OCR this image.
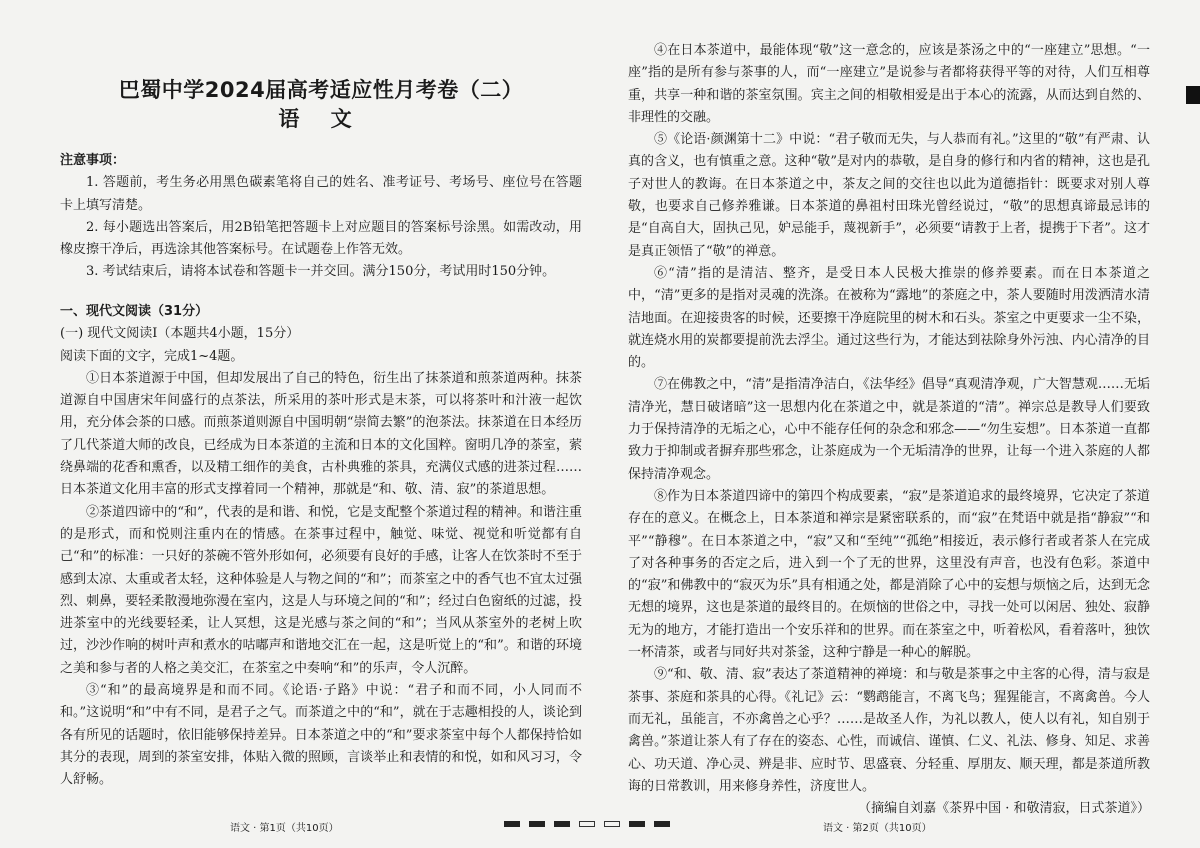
巴蜀中学2024届高考适应性月考卷（二）
语 文

注意事项：

1. 答题前，考生务必用黑色碳素笔将自己的姓名、准考证号、考场号、座位号在答题卡上填写清楚。

2. 每小题选出答案后，用2B铅笔把答题卡上对应题目的答案标号涂黑。如需改动，用橡皮擦干净后，再选涂其他答案标号。在试题卷上作答无效。

3. 考试结束后，请将本试卷和答题卡一并交回。满分150分，考试用时150分钟。

一、现代文阅读（31分）

(一) 现代文阅读Ⅰ（本题共4小题，15分）

阅读下面的文字，完成1~4题。

①日本茶道源于中国，但却发展出了自己的特色，衍生出了抹茶道和煎茶道两种。抹茶道源自中国唐宋年间盛行的点茶法，所采用的茶叶形式是末茶，可以将茶叶和汁液一起饮用，充分体会茶的口感。而煎茶道则源自中国明朝“崇简去繁”的泡茶法。抹茶道在日本经历了几代茶道大师的改良，已经成为日本茶道的主流和日本的文化国粹。窗明几净的茶室，萦绕鼻端的花香和熏香，以及精工细作的美食，古朴典雅的茶具，充满仪式感的进茶过程……日本茶道文化用丰富的形式支撑着同一个精神，那就是“和、敬、清、寂”的茶道思想。

②茶道四谛中的“和”，代表的是和谐、和悦，它是支配整个茶道过程的精神。和谐注重的是形式，而和悦则注重内在的情感。在茶事过程中，触觉、味觉、视觉和听觉都有自己“和”的标准：一只好的茶碗不管外形如何，必须要有良好的手感，让客人在饮茶时不至于感到太凉、太重或者太轻，这种体验是人与物之间的“和”；而茶室之中的香气也不宜太过强烈、刺鼻，要轻柔散漫地弥漫在室内，这是人与环境之间的“和”；经过白色窗纸的过滤，投进茶室中的光线要轻柔，让人冥想，这是光感与茶之间的“和”；当风从茶室外的老树上吹过，沙沙作响的树叶声和煮水的咕嘟声和谐地交汇在一起，这是听觉上的“和”。和谐的环境之美和参与者的人格之美交汇，在茶室之中奏响“和”的乐声，令人沉醉。

③“和”的最高境界是和而不同。《论语·子路》中说：“君子和而不同，小人同而不和。”这说明“和”中有不同，是君子之气。而茶道之中的“和”，就在于志趣相投的人，谈论到各有所见的话题时，依旧能够保持差异。日本茶道之中的“和”要求茶室中每个人都保持恰如其分的表现，周到的茶室安排，体贴入微的照顾，言谈举止和表情的和悦，如和风习习，令人舒畅。

语文 · 第1页（共10页）

④在日本茶道中，最能体现“敬”这一意念的，应该是茶汤之中的“一座建立”思想。“一座”指的是所有参与茶事的人，而“一座建立”是说参与者都将获得平等的对待，人们互相尊重，共享一种和谐的茶室氛围。宾主之间的相敬相爱是出于本心的流露，从而达到自然的、非理性的交融。

⑤《论语·颜渊第十二》中说：“君子敬而无失，与人恭而有礼。”这里的“敬”有严肃、认真的含义，也有慎重之意。这种“敬”是对内的恭敬，是自身的修行和内省的精神，这也是孔子对世人的教诲。在日本茶道之中，茶友之间的交往也以此为道德指针：既要求对别人尊敬，也要求自己修养雅谦。日本茶道的鼻祖村田珠光曾经说过，“敬”的思想真谛最忌讳的是“自高自大，固执己见，妒忌能手，蔑视新手”，必须要“请教于上者，提携于下者”。这才是真正领悟了“敬”的禅意。

⑥“清”指的是清洁、整齐，是受日本人民极大推崇的修养要素。而在日本茶道之中，“清”更多的是指对灵魂的洗涤。在被称为“露地”的茶庭之中，茶人要随时用泼洒清水清洁地面。在迎接贵客的时候，还要擦干净庭院里的树木和石头。茶室之中更要求一尘不染，就连烧水用的炭都要提前洗去浮尘。通过这些行为，才能达到祛除身外污浊、内心清净的目的。

⑦在佛教之中，“清”是指清净洁白，《法华经》倡导“真观清净观，广大智慧观……无垢清净光，慧日破诸暗”这一思想内化在茶道之中，就是茶道的“清”。禅宗总是教导人们要致力于保持清净的无垢之心，心中不能存任何的杂念和邪念——“勿生妄想”。日本茶道一直都致力于抑制或者摒弃那些邪念，让茶庭成为一个无垢清净的世界，让每一个进入茶庭的人都保持清净观念。

⑧作为日本茶道四谛中的第四个构成要素，“寂”是茶道追求的最终境界，它决定了茶道存在的意义。在概念上，日本茶道和禅宗是紧密联系的，而“寂”在梵语中就是指“静寂”“和平”“静穆”。在日本茶道之中，“寂”又和“至纯”“孤绝”相接近，表示修行者或者茶人在完成了对各种事务的否定之后，进入到一个了无的世界，这里没有声音，也没有色彩。茶道中的“寂”和佛教中的“寂灭为乐”具有相通之处，都是消除了心中的妄想与烦恼之后，达到无念无想的境界，这也是茶道的最终目的。在烦恼的世俗之中，寻找一处可以闲居、独处、寂静无为的地方，才能打造出一个安乐祥和的世界。而在茶室之中，听着松风，看着落叶，独饮一杯清茶，或者与同好共对茶釜，这种宁静是一种心的解脱。

⑨“和、敬、清、寂”表达了茶道精神的禅境：和与敬是茶事之中主客的心得，清与寂是茶事、茶庭和茶具的心得。《礼记》云：“鹦鹉能言，不离飞鸟；猩猩能言，不离禽兽。今人而无礼，虽能言，不亦禽兽之心乎？……是故圣人作，为礼以教人，使人以有礼，知自别于禽兽。”茶道让茶人有了存在的姿态、心性，而诚信、谨慎、仁义、礼法、修身、知足、求善心、功天道、净心灵、辨是非、应时节、思盛衰、分轻重、厚朋友、顺天理，都是茶道所教诲的日常教训，用来修身养性，济度世人。

（摘编自刘嘉《茶界中国 · 和敬清寂，日式茶道》）

语文 · 第2页（共10页）
